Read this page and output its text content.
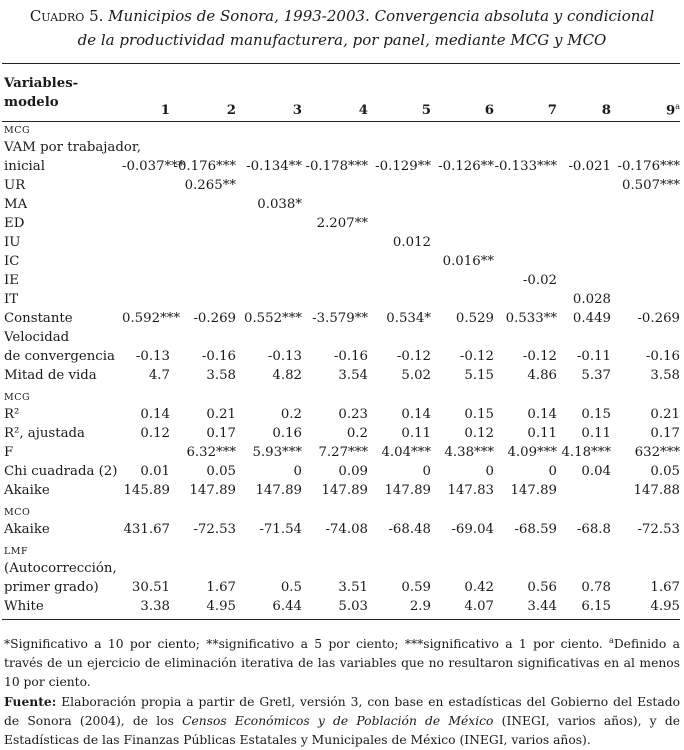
Cuadro 5. Municipios de Sonora, 1993-2003. Convergencia absoluta y condicional
de la productividad manufacturera, por panel, mediante MCG y MCO
Variables-
modelo	1	2	3	4	5	6	7	8	9$^a$
MCG									
VAM por trabajador,									
inicial	-0.037***	-0.176***	-0.134**	-0.178***	-0.129**	-0.126**	-0.133***	-0.021	-0.176***
UR		0.265**							0.507***
MA			0.038*						
ED				2.207**					
IU					0.012				
IC						0.016**			
IE							-0.02		
IT								0.028	
Constante	0.592***	-0.269	0.552***	-3.579**	0.534*	0.529	0.533**	0.449	-0.269
Velocidad									
de convergencia	-0.13	-0.16	-0.13	-0.16	-0.12	-0.12	-0.12	-0.11	-0.16
Mitad de vida	4.7	3.58	4.82	3.54	5.02	5.15	4.86	5.37	3.58
MCG									
R²	0.14	0.21	0.2	0.23	0.14	0.15	0.14	0.15	0.21
R², ajustada	0.12	0.17	0.16	0.2	0.11	0.12	0.11	0.11	0.17
F		6.32***	5.93***	7.27***	4.04***	4.38***	4.09***	4.18***	632***
Chi cuadrada (2)	0.01	0.05	0	0.09	0	0	0	0.04	0.05
Akaike	145.89	147.89	147.89	147.89	147.89	147.83	147.89		147.88
MCO									
Akaike	431.67	-72.53	-71.54	-74.08	-68.48	-69.04	-68.59	-68.8	-72.53
LMF									
(Autocorrección,									
primer grado)	30.51	1.67	0.5	3.51	0.59	0.42	0.56	0.78	1.67
White	3.38	4.95	6.44	5.03	2.9	4.07	3.44	6.15	4.95
*Significativo a 10 por ciento; **significativo a 5 por ciento; ***significativo a 1 por ciento. $^a$Definido a través de un ejercicio de eliminación iterativa de las variables que no resultaron significativas en al menos 10 por ciento.
Fuente: Elaboración propia a partir de Gretl, versión 3, con base en estadísticas del Gobierno del Estado de Sonora (2004), de los Censos Económicos y de Población de México (INEGI, varios años), y de Estadísticas de las Finanzas Públicas Estatales y Municipales de México (INEGI, varios años).
